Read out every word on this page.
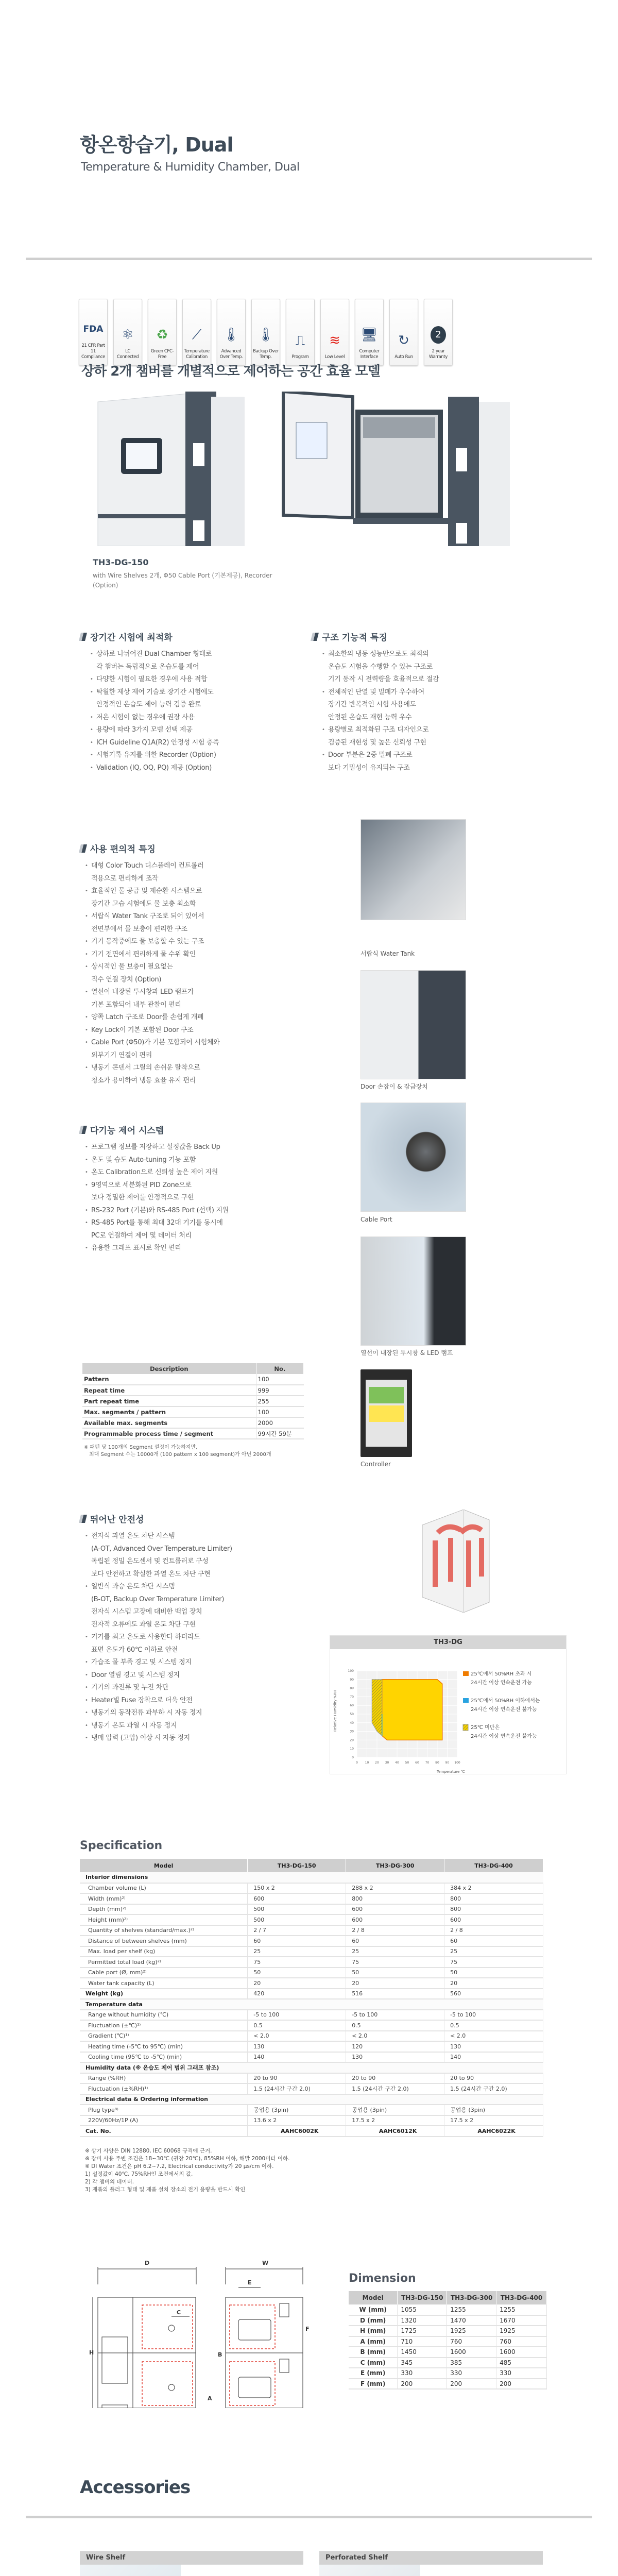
항온항습기, Dual
Temperature & Humidity Chamber, Dual
FDA
21 CFR Part 11 Compliance
⚛
LC Connected
♻
Green CFC-Free
⟋
Temperature Calibration
🌡
Advanced Over Temp.
🌡
Backup Over Temp.
⎍
Program
≋
Low Level
🖥
Computer Interface
↻
Auto Run
2
2 year Warranty
상하 2개 챔버를 개별적으로 제어하는 공간 효율 모델
TH3-DG-150
with Wire Shelves 2개, Φ50 Cable Port (기본제공), Recorder (Option)
장기간 시험에 최적화
• 상하로 나뉘어진 Dual Chamber 형태로
각 챔버는 독립적으로 온습도를 제어
• 다양한 시험이 필요한 경우에 사용 적합
• 탁월한 제상 제어 기술로 장기간 시험에도
안정적인 온습도 제어 능력 검증 완료
• 저온 시험이 없는 경우에 권장 사용
• 용량에 따라 3가지 모델 선택 제공
• ICH Guideline Q1A(R2) 안정성 시험 충족
• 시험기록 유지를 위한 Recorder (Option)
• Validation (IQ, OQ, PQ) 제공 (Option)
구조 기능적 특징
• 최소한의 냉동 성능만으로도 최적의
온습도 시험을 수행할 수 있는 구조로
기기 동작 시 전력량을 효율적으로 절감
• 전체적인 단열 및 밀폐가 우수하여
장기간 반복적인 시험 사용에도
안정된 온습도 재현 능력 우수
• 용량별로 최적화된 구조 디자인으로
검증된 재현성 및 높은 신뢰성 구현
• Door 부분은 2중 밀폐 구조로
보다 기밀성이 유지되는 구조
사용 편의적 특징
• 대형 Color Touch 디스플레이 컨트롤러
적용으로 편리하게 조작
• 효율적인 물 공급 및 재순환 시스템으로
장기간 고습 시험에도 물 보충 최소화
• 서랍식 Water Tank 구조로 되어 있어서
전면부에서 물 보충이 편리한 구조
• 기기 동작중에도 물 보충할 수 있는 구조
• 기기 전면에서 편리하게 물 수위 확인
• 상시적인 물 보충이 필요없는
직수 연결 장치 (Option)
• 열선이 내장된 투시창과 LED 램프가
기본 포함되어 내부 관찰이 편리
• 양쪽 Latch 구조로 Door를 손쉽게 개폐
• Key Lock이 기본 포함된 Door 구조
• Cable Port (Φ50)가 기본 포함되어 시험체와
외부기기 연결이 편리
• 냉동기 콘덴서 그릴의 손쉬운 탈착으로
청소가 용이하여 냉동 효율 유지 편리
서랍식 Water Tank
Door 손잡이 & 잠금장치
다기능 제어 시스템
• 프로그램 정보를 저장하고 설정값을 Back Up
• 온도 및 습도 Auto-tuning 기능 포함
• 온도 Calibration으로 신뢰성 높은 제어 지원
• 9영역으로 세분화된 PID Zone으로
보다 정밀한 제어를 안정적으로 구현
• RS-232 Port (기본)와 RS-485 Port (선택) 지원
• RS-485 Port를 통해 최대 32대 기기를 동시에
PC로 연결하여 제어 및 데이터 처리
• 유용한 그래프 표시로 확인 편리
Cable Port
열선이 내장된 투시창 & LED 램프
Description	No.
Pattern	100
Repeat time	999
Part repeat time	255
Max. segments / pattern	100
Available max. segments	2000
Programmable process time / segment	99시간 59분
※ 패턴 당 100개의 Segment 설정이 가능하지만,
최대 Segment 수는 10000개 (100 pattern x 100 segment)가 아닌 2000개
Controller
뛰어난 안전성
• 전자식 과열 온도 차단 시스템
(A-OT, Advanced Over Temperature Limiter)
독립된 정밀 온도센서 및 컨트롤러로 구성
보다 안전하고 확실한 과열 온도 차단 구현
• 일반식 과승 온도 차단 시스템
(B-OT, Backup Over Temperature Limiter)
전자식 시스템 고장에 대비한 백업 장치
전자적 오류에도 과열 온도 차단 구현
• 기기를 최고 온도로 사용한다 하더라도
표면 온도가 60℃ 이하로 안전
• 가습조 물 부족 경고 및 시스템 정지
• Door 열림 경고 및 시스템 정지
• 기기의 과전류 및 누전 차단
• Heater별 Fuse 장착으로 더욱 안전
• 냉동기의 동작전류 과부하 시 자동 정지
• 냉동기 온도 과열 시 자동 정지
• 냉매 압력 (고압) 이상 시 자동 정지
TH3-DG
0 10 20 30 40 50 60 70 80 90 100
0
10
20
30
40
50
60
70
80
90
100
Temperature ℃
Relative Humidity %RH
25℃에서 50%RH 초과 시
24시간 이상 연속운전 가능
25℃에서 50%RH 이하에서는
24시간 이상 연속운전 불가능
25℃ 미만은
24시간 이상 연속운전 불가능
Specification
Model	TH3-DG-150	TH3-DG-300	TH3-DG-400
Interior dimensions			
Chamber volume (L)	150 x 2	288 x 2	384 x 2
Width (mm)²⁾	600	800	800
Depth (mm)²⁾	500	600	800
Height (mm)²⁾	500	600	600
Quantity of shelves (standard/max.)²⁾	2 / 7	2 / 8	2 / 8
Distance of between shelves (mm)	60	60	60
Max. load per shelf (kg)	25	25	25
Permitted total load (kg)²⁾	75	75	75
Cable port (Ø, mm)²⁾	50	50	50
Water tank capacity (L)	20	20	20
Weight (kg)	420	516	560
Temperature data			
Range without humidity (℃)	-5 to 100	-5 to 100	-5 to 100
Fluctuation (±℃)¹⁾	0.5	0.5	0.5
Gradient (℃)¹⁾	< 2.0	< 2.0	< 2.0
Heating time (-5℃ to 95℃) (min)	130	120	130
Cooling time (95℃ to -5℃) (min)	140	130	140
Humidity data (※ 온습도 제어 범위 그래프 참조)			
Range (%RH)	20 to 90	20 to 90	20 to 90
Fluctuation (±%RH)¹⁾	1.5 (24시간 구간 2.0)	1.5 (24시간 구간 2.0)	1.5 (24시간 구간 2.0)
Electrical data & Ordering information			
Plug type³⁾	공업용 (3pin)	공업용 (3pin)	공업용 (3pin)
220V/60Hz/1P (A)	13.6 x 2	17.5 x 2	17.5 x 2
Cat. No.	AAHC6002K	AAHC6012K	AAHC6022K
※ 상기 사양은 DIN 12880, IEC 60068 규격에 근거.
※ 장비 사용 주변 조건은 18~30℃ (권장 20℃), 85%RH 이하, 해발 2000미터 이하.
※ DI Water 조건은 pH 6.2~7.2, Electrical conductivity가 20 μs/cm 이하.
1) 설정값이 40℃, 75%RH인 조건에서의 값.
2) 각 챔버의 데이터.
3) 제품의 플러그 형태 및 제품 설치 장소의 전기 용량을 반드시 확인
D	W
E
C
F
H	B
A
Dimension
Model	TH3-DG-150	TH3-DG-300	TH3-DG-400
W (mm)	1055	1255	1255
D (mm)	1320	1470	1670
H (mm)	1725	1925	1925
A (mm)	710	760	760
B (mm)	1450	1600	1600
C (mm)	345	385	485
E (mm)	330	330	330
F (mm)	200	200	200
Accessories
Wire Shelf	Perforated Shelf
